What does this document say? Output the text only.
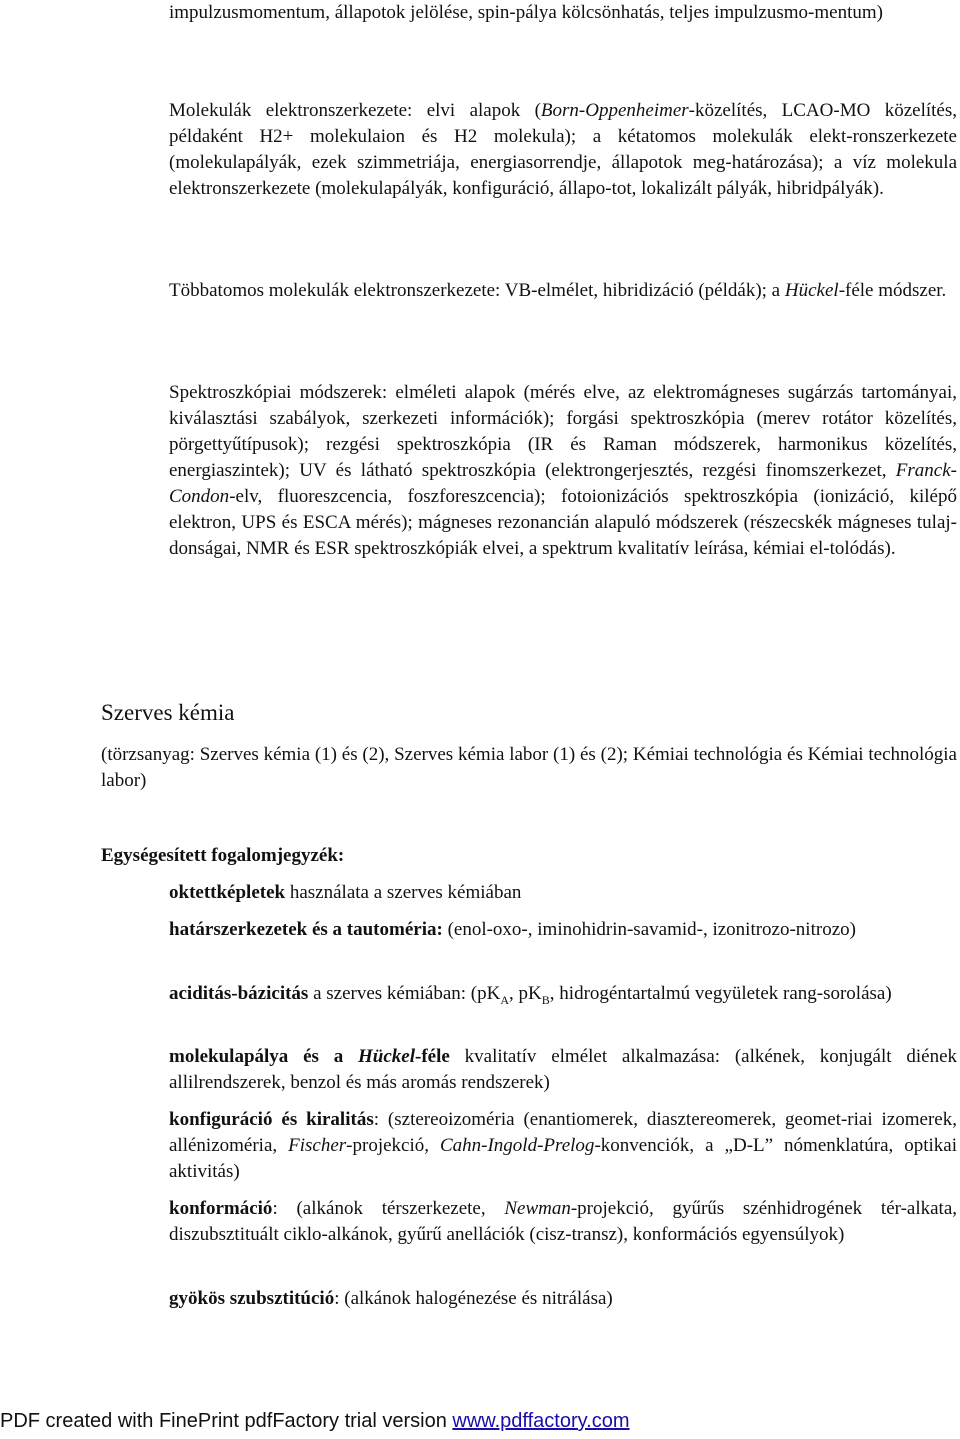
impulzusmomentum, állapotok jelölése, spin-pálya kölcsönhatás, teljes impulzusmo-mentum)
Molekulák elektronszerkezete: elvi alapok (Born-Oppenheimer-közelítés, LCAO-MO közelítés, példaként H2+ molekulaion és H2 molekula); a kétatomos molekulák elekt-ronszerkezete (molekulapályák, ezek szimmetriája, energiasorrendje, állapotok meg-határozása); a víz molekula elektronszerkezete (molekulapályák, konfiguráció, állapo-tot, lokalizált pályák, hibridpályák).
Többatomos molekulák elektronszerkezete: VB-elmélet, hibridizáció (példák); a Hückel-féle módszer.
Spektroszkópiai módszerek: elméleti alapok (mérés elve, az elektromágneses sugárzás tartományai, kiválasztási szabályok, szerkezeti információk); forgási spektroszkópia (merev rotátor közelítés, pörgettyűtípusok); rezgési spektroszkópia (IR és Raman módszerek, harmonikus közelítés, energiaszintek); UV és látható spektroszkópia (elektrongerjesztés, rezgési finomszerkezet, Franck-Condon-elv, fluoreszcencia, foszforeszcencia); fotoionizációs spektroszkópia (ionizáció, kilépő elektron, UPS és ESCA mérés); mágneses rezonancián alapuló módszerek (részecskék mágneses tulaj-donságai, NMR és ESR spektroszkópiák elvei, a spektrum kvalitatív leírása, kémiai el-tolódás).
Szerves kémia
(törzsanyag: Szerves kémia (1) és (2), Szerves kémia labor (1) és (2); Kémiai technológia és Kémiai technológia labor)
Egységesített fogalomjegyzék:
oktettképletek használata a szerves kémiában
határszerkezetek és a tautoméria: (enol-oxo-, iminohidrin-savamid-, izonitrozo-nitrozo)
aciditás-bázicitás a szerves kémiában: ($pK_A$, $pK_B$, hidrogéntartalmú vegyületek rang-sorolása)
molekulapálya és a Hückel-féle kvalitatív elmélet alkalmazása: (alkének, konjugált diének allilrendszerek, benzol és más aromás rendszerek)
konfiguráció és kiralitás: (sztereoizoméria (enantiomerek, diasztereomerek, geomet-riai izomerek, allénizoméria, Fischer-projekció, Cahn-Ingold-Prelog-konvenciók, a „D-L” nómenklatúra, optikai aktivitás)
konformáció: (alkánok térszerkezete, Newman-projekció, gyűrűs szénhidrogének tér-alkata, diszubsztituált ciklo-alkánok, gyűrű anellációk (cisz-transz), konformációs egyensúlyok)
gyökös szubsztitúció: (alkánok halogénezése és nitrálása)
PDF created with FinePrint pdfFactory trial version www.pdffactory.com
